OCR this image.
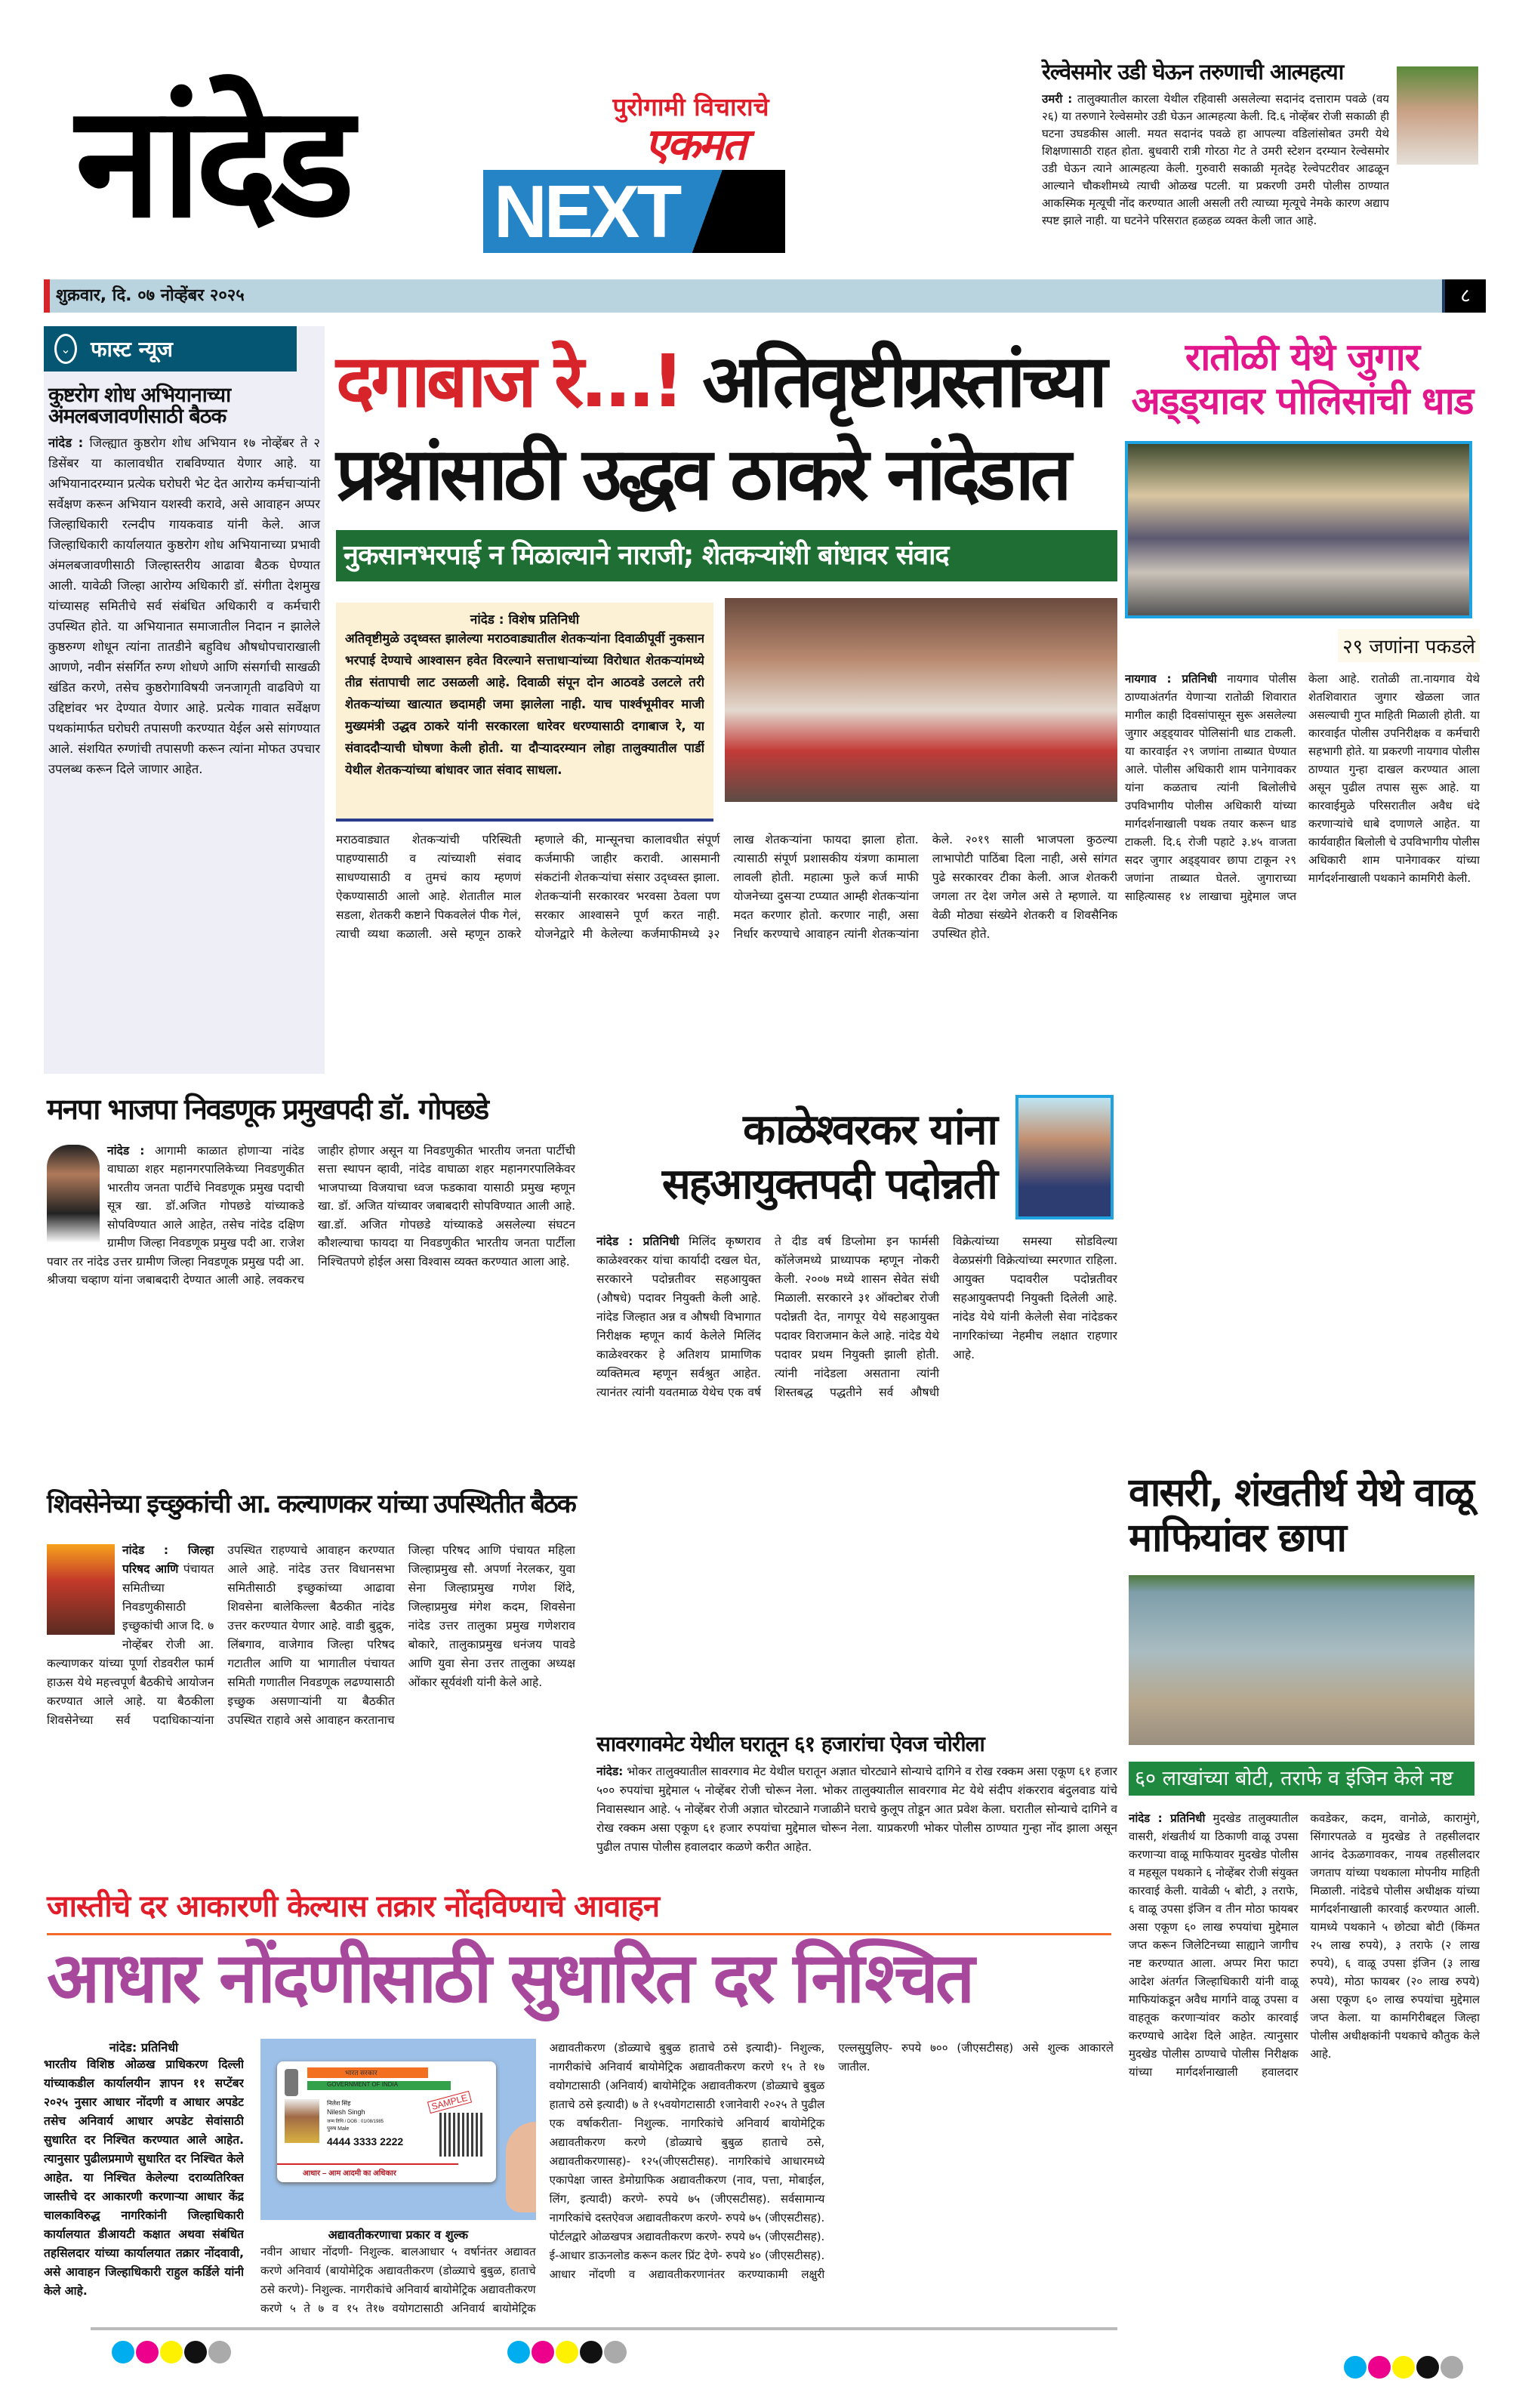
नांदेड	पुरोगामी विचाराचे
एकमत
NEXT
रेल्वेसमोर उडी घेऊन तरुणाची आत्महत्या
उमरी : तालुक्यातील कारला येथील रहिवासी असलेल्या सदानंद दत्ताराम पवळे (वय २६) या तरुणाने रेल्वेसमोर उडी घेऊन आत्महत्या केली. दि.६ नोव्हेंबर रोजी सकाळी ही घटना उघडकीस आली. मयत सदानंद पवळे हा आपल्या वडिलांसोबत उमरी येथे शिक्षणासाठी राहत होता. बुधवारी रात्री गोरठा गेट ते उमरी स्टेशन दरम्यान रेल्वेसमोर उडी घेऊन त्याने आत्महत्या केली. गुरुवारी सकाळी मृतदेह रेल्वेपटरीवर आढळून आल्याने चौकशीमध्ये त्याची ओळख पटली. या प्रकरणी उमरी पोलीस ठाण्यात आकस्मिक मृत्यूची नोंद करण्यात आली असली तरी त्याच्या मृत्यूचे नेमके कारण अद्याप स्पष्ट झाले नाही. या घटनेने परिसरात हळहळ व्यक्त केली जात आहे.
शुक्रवार, दि. ०७ नोव्हेंबर २०२५	८
⌄ फास्ट न्यूज
कुष्टरोग शोध अभियानाच्या अंमलबजावणीसाठी बैठक
नांदेड : जिल्ह्यात कुष्ठरोग शोध अभियान १७ नोव्हेंबर ते २ डिसेंबर या कालावधीत राबविण्यात येणार आहे. या अभियानादरम्यान प्रत्येक घरोघरी भेट देत आरोग्य कर्मचाऱ्यांनी सर्वेक्षण करून अभियान यशस्वी करावे, असे आवाहन अप्पर जिल्हाधिकारी रत्नदीप गायकवाड यांनी केले. आज जिल्हाधिकारी कार्यालयात कुष्ठरोग शोध अभियानाच्या प्रभावी अंमलबजावणीसाठी जिल्हास्तरीय आढावा बैठक घेण्यात आली. यावेळी जिल्हा आरोग्य अधिकारी डॉ. संगीता देशमुख यांच्यासह समितीचे सर्व संबंधित अधिकारी व कर्मचारी उपस्थित होते. या अभियानात समाजातील निदान न झालेले कुष्ठरुग्ण शोधून त्यांना तातडीने बहुविध औषधोपचाराखाली आणणे, नवीन संसर्गित रुग्ण शोधणे आणि संसर्गाची साखळी खंडित करणे, तसेच कुष्ठरोगाविषयी जनजागृती वाढविणे या उद्दिष्टांवर भर देण्यात येणार आहे. प्रत्येक गावात सर्वेक्षण पथकांमार्फत घरोघरी तपासणी करण्यात येईल असे सांगण्यात आले. संशयित रुग्णांची तपासणी करून त्यांना मोफत उपचार उपलब्ध करून दिले जाणार आहेत.
दगाबाज रे...! अतिवृष्टीग्रस्तांच्या
प्रश्नांसाठी उद्धव ठाकरे नांदेडात
नुकसानभरपाई न मिळाल्याने नाराजी; शेतकऱ्यांशी बांधावर संवाद
नांदेड : विशेष प्रतिनिधी
अतिवृष्टीमुळे उद्ध्वस्त झालेल्या मराठवाड्यातील शेतकऱ्यांना दिवाळीपूर्वी नुकसान भरपाई देण्याचे आश्वासन हवेत विरल्याने सत्ताधाऱ्यांच्या विरोधात शेतकऱ्यांमध्ये तीव्र संतापाची लाट उसळली आहे. दिवाळी संपून दोन आठवडे उलटले तरी शेतकऱ्यांच्या खात्यात छदामही जमा झालेला नाही. याच पार्श्वभूमीवर माजी मुख्यमंत्री उद्धव ठाकरे यांनी सरकारला धारेवर धरण्यासाठी दगाबाज रे, या संवाददौऱ्याची घोषणा केली होती. या दौऱ्यादरम्यान लोहा तालुक्यातील पार्डी येथील शेतकऱ्यांच्या बांधावर जात संवाद साधला.
मराठवाड्यात शेतकऱ्यांची परिस्थिती पाहण्यासाठी व त्यांच्याशी संवाद साधण्यासाठी व तुमचं काय म्हणणं ऐकण्यासाठी आलो आहे. शेतातील माल सडला, शेतकरी कष्टाने पिकवलेलं पीक गेलं, त्याची व्यथा कळाली. असे म्हणून ठाकरे म्हणाले की, मान्सूनचा कालावधीत संपूर्ण कर्जमाफी जाहीर करावी. आसमानी संकटांनी शेतकऱ्यांचा संसार उद्ध्वस्त झाला. शेतकऱ्यांनी सरकारवर भरवसा ठेवला पण सरकार आश्वासने पूर्ण करत नाही. योजनेद्वारे मी केलेल्या कर्जमाफीमध्ये ३२ लाख शेतकऱ्यांना फायदा झाला होता. त्यासाठी संपूर्ण प्रशासकीय यंत्रणा कामाला लावली होती. महात्मा फुले कर्ज माफी योजनेच्या दुसऱ्या टप्प्यात आम्ही शेतकऱ्यांना मदत करणार होतो. करणार नाही, असा निर्धार करण्याचे आवाहन त्यांनी शेतकऱ्यांना केले. २०१९ साली भाजपला कुठल्या लाभापोटी पाठिंबा दिला नाही, असे सांगत पुढे सरकारवर टीका केली. आज शेतकरी जगला तर देश जगेल असे ते म्हणाले. या वेळी मोठ्या संख्येने शेतकरी व शिवसैनिक उपस्थित होते.
रातोळी येथे जुगार अड्ड्यावर पोलिसांची धाड
२९ जणांना पकडले
नायगाव : प्रतिनिधी नायगाव पोलीस ठाण्याअंतर्गत येणाऱ्या रातोळी शिवारात मागील काही दिवसांपासून सुरू असलेल्या जुगार अड्ड्यावर पोलिसांनी धाड टाकली. या कारवाईत २९ जणांना ताब्यात घेण्यात आले. पोलीस अधिकारी शाम पानेगावकर यांना कळताच त्यांनी बिलोलीचे उपविभागीय पोलीस अधिकारी यांच्या मार्गदर्शनाखाली पथक तयार करून धाड टाकली. दि.६ रोजी पहाटे ३.४५ वाजता सदर जुगार अड्ड्यावर छापा टाकून २९ जणांना ताब्यात घेतले. जुगाराच्या साहित्यासह १४ लाखाचा मुद्देमाल जप्त केला आहे. रातोळी ता.नायगाव येथे शेतशिवारात जुगार खेळला जात असल्याची गुप्त माहिती मिळाली होती. या कारवाईत पोलीस उपनिरीक्षक व कर्मचारी सहभागी होते. या प्रकरणी नायगाव पोलीस ठाण्यात गुन्हा दाखल करण्यात आला असून पुढील तपास सुरू आहे. या कारवाईमुळे परिसरातील अवैध धंदे करणाऱ्यांचे धाबे दणाणले आहेत. या कार्यवाहीत बिलोली चे उपविभागीय पोलीस अधिकारी शाम पानेगावकर यांच्या मार्गदर्शनाखाली पथकाने कामगिरी केली.
मनपा भाजपा निवडणूक प्रमुखपदी डॉ. गोपछडे
नांदेड : आगामी काळात होणाऱ्या नांदेड वाघाळा शहर महानगरपालिकेच्या निवडणुकीत भारतीय जनता पार्टीचे निवडणूक प्रमुख पदाची सूत्र खा. डॉ.अजित गोपछडे यांच्याकडे सोपविण्यात आले आहेत, तसेच नांदेड दक्षिण ग्रामीण जिल्हा निवडणूक प्रमुख पदी आ. राजेश पवार तर नांदेड उत्तर ग्रामीण जिल्हा निवडणूक प्रमुख पदी आ. श्रीजया चव्हाण यांना जबाबदारी देण्यात आली आहे. लवकरच जाहीर होणार असून या निवडणुकीत भारतीय जनता पार्टीची सत्ता स्थापन व्हावी, नांदेड वाघाळा शहर महानगरपालिकेवर भाजपाच्या विजयाचा ध्वज फडकावा यासाठी प्रमुख म्हणून खा. डॉ. अजित यांच्यावर जबाबदारी सोपविण्यात आली आहे. खा.डॉ. अजित गोपछडे यांच्याकडे असलेल्या संघटन कौशल्याचा फायदा या निवडणुकीत भारतीय जनता पार्टीला निश्चितपणे होईल असा विश्वास व्यक्त करण्यात आला आहे.
शिवसेनेच्या इच्छुकांची आ. कल्याणकर यांच्या उपस्थितीत बैठक
नांदेड : जिल्हा परिषद आणि पंचायत समितीच्या निवडणुकीसाठी इच्छुकांची आज दि. ७ नोव्हेंबर रोजी आ. कल्याणकर यांच्या पूर्णा रोडवरील फार्म हाऊस येथे महत्त्वपूर्ण बैठकीचे आयोजन करण्यात आले आहे. या बैठकीला शिवसेनेच्या सर्व पदाधिकाऱ्यांना उपस्थित राहण्याचे आवाहन करण्यात आले आहे. नांदेड उत्तर विधानसभा समितीसाठी इच्छुकांच्या आढावा शिवसेना बालेकिल्ला बैठकीत नांदेड उत्तर करण्यात येणार आहे. वाडी बुद्रुक, लिंबगाव, वाजेगाव जिल्हा परिषद गटातील आणि या भागातील पंचायत समिती गणातील निवडणूक लढण्यासाठी इच्छुक असणाऱ्यांनी या बैठकीत उपस्थित राहावे असे आवाहन करतानाच जिल्हा परिषद आणि पंचायत महिला जिल्हाप्रमुख सौ. अपर्णा नेरलकर, युवा सेना जिल्हाप्रमुख गणेश शिंदे, जिल्हाप्रमुख मंगेश कदम, शिवसेना नांदेड उत्तर तालुका प्रमुख गणेशराव बोकारे, तालुकाप्रमुख धनंजय पावडे आणि युवा सेना उत्तर तालुका अध्यक्ष ओंकार सूर्यवंशी यांनी केले आहे.
काळेश्वरकर यांना
सहआयुक्तपदी पदोन्नती
नांदेड : प्रतिनिधी मिलिंद कृष्णराव काळेश्वरकर यांचा कार्यादी दखल घेत, सरकारने पदोन्नतीवर सहआयुक्त (औषधे) पदावर नियुक्ती केली आहे. नांदेड जिल्हात अन्न व औषधी विभागात निरीक्षक म्हणून कार्य केलेले मिलिंद काळेश्वरकर हे अतिशय प्रामाणिक व्यक्तिमत्व म्हणून सर्वश्रुत आहेत. त्यानंतर त्यांनी यवतमाळ येथेच एक वर्ष ते दीड वर्ष डिप्लोमा इन फार्मसी कॉलेजमध्ये प्राध्यापक म्हणून नोकरी केली. २००७ मध्ये शासन सेवेत संधी मिळाली. सरकारने ३१ ऑक्टोबर रोजी पदोन्नती देत, नागपूर येथे सहआयुक्त पदावर विराजमान केले आहे. नांदेड येथे पदावर प्रथम नियुक्ती झाली होती. त्यांनी नांदेडला असताना त्यांनी शिस्तबद्ध पद्धतीने सर्व औषधी विक्रेत्यांच्या समस्या सोडविल्या वेळप्रसंगी विक्रेत्यांच्या स्मरणात राहिला. आयुक्त पदावरील पदोन्नतीवर सहआयुक्तपदी नियुक्ती दिलेली आहे. नांदेड येथे यांनी केलेली सेवा नांदेडकर नागरिकांच्या नेहमीच लक्षात राहणार आहे.
सावरगावमेट येथील घरातून ६१ हजारांचा ऐवज चोरीला
नांदेड: भोकर तालुक्यातील सावरगाव मेट येथील घरातून अज्ञात चोरट्याने सोन्याचे दागिने व रोख रक्कम असा एकूण ६१ हजार ५०० रुपयांचा मुद्देमाल ५ नोव्हेंबर रोजी चोरून नेला. भोकर तालुक्यातील सावरगाव मेट येथे संदीप शंकरराव बंदुलवाड यांचे निवासस्थान आहे. ५ नोव्हेंबर रोजी अज्ञात चोरट्याने गजाळीने घराचे कुलूप तोडून आत प्रवेश केला. घरातील सोन्याचे दागिने व रोख रक्कम असा एकूण ६१ हजार रुपयांचा मुद्देमाल चोरून नेला. याप्रकरणी भोकर पोलीस ठाण्यात गुन्हा नोंद झाला असून पुढील तपास पोलीस हवालदार कळणे करीत आहेत.
वासरी, शंखतीर्थ येथे वाळू माफियांवर छापा
६० लाखांच्या बोटी, तराफे व इंजिन केले नष्ट
नांदेड : प्रतिनिधी मुदखेड तालुक्यातील वासरी, शंखतीर्थ या ठिकाणी वाळू उपसा करणाऱ्या वाळू माफियावर मुदखेड पोलीस व महसूल पथकाने ६ नोव्हेंबर रोजी संयुक्त कारवाई केली. यावेळी ५ बोटी, ३ तराफे, ६ वाळू उपसा इंजिन व तीन मोठा फायबर असा एकूण ६० लाख रुपयांचा मुद्देमाल जप्त करून जिलेटिनच्या साह्याने जागीच नष्ट करण्यात आला. अप्पर मिरा फाटा आदेश अंतर्गत जिल्हाधिकारी यांनी वाळू माफियांकडून अवैध मार्गाने वाळू उपसा व वाहतूक करणाऱ्यांवर कठोर कारवाई करण्याचे आदेश दिले आहेत. त्यानुसार मुदखेड पोलीस ठाण्याचे पोलीस निरीक्षक यांच्या मार्गदर्शनाखाली हवालदार कवडेकर, कदम, वानोळे, कारामुंगे, सिंगारपतळे व मुदखेड ते तहसीलदार आनंद देऊळगावकर, नायब तहसीलदार जगताप यांच्या पथकाला मोपनीय माहिती मिळाली. नांदेडचे पोलीस अधीक्षक यांच्या मार्गदर्शनाखाली कारवाई करण्यात आली. यामध्ये पथकाने ५ छोट्या बोटी (किंमत २५ लाख रुपये), ३ तराफे (२ लाख रुपये), ६ वाळू उपसा इंजिन (३ लाख रुपये), मोठा फायबर (२० लाख रुपये) असा एकूण ६० लाख रुपयांचा मुद्देमाल जप्त केला. या कामगिरीबद्दल जिल्हा पोलीस अधीक्षकांनी पथकाचे कौतुक केले आहे.
जास्तीचे दर आकारणी केल्यास तक्रार नोंदविण्याचे आवाहन
आधार नोंदणीसाठी सुधारित दर निश्चित
नांदेड: प्रतिनिधी
भारतीय विशिष्ठ ओळख प्राधिकरण दिल्ली यांच्याकडील कार्यालयीन ज्ञापन ११ सप्टेंबर २०२५ नुसार आधार नोंदणी व आधार अपडेट तसेच अनिवार्य आधार अपडेट सेवांसाठी सुधारित दर निश्चित करण्यात आले आहेत. त्यानुसार पुढीलप्रमाणे सुधारित दर निश्चित केले आहेत. या निश्चित केलेल्या दराव्यतिरिक्त जास्तीचे दर आकारणी करणाऱ्या आधार केंद्र चालकाविरुद्ध नागरिकांनी जिल्हाधिकारी कार्यालयात डीआयटी कक्षात अथवा संबंधित तहसिलदार यांच्या कार्यालयात तक्रार नोंदवावी, असे आवाहन जिल्हाधिकारी राहुल कर्डिले यांनी केले आहे.
भारत सरकार
GOVERNMENT OF INDIA
निलेश सिंह
Nilesh Singh
जन्म तिथि / DOB : 01/08/1985
पुरुष Male
4444 3333 2222
SAMPLE
आधार – आम आदमी का अधिकार
अद्यावतीकरणाचा प्रकार व शुल्क
नवीन आधार नोंदणी- निशुल्क. बालआधार ५ वर्षानंतर अद्यावत करणे अनिवार्य (बायोमेट्रिक अद्यावतीकरण (डोळ्याचे बुबुळ, हाताचे ठसे करणे)- निशुल्क. नागरीकांचे अनिवार्य बायोमेट्रिक अद्यावतीकरण करणे ५ ते ७ व १५ ते१७ वयोगटासाठी अनिवार्य बायोमेट्रिक अद्यावतीकरण (डोळ्याचे बुबुळ हाताचे ठसे इत्यादी)- निशुल्क, नागरीकांचे अनिवार्य बायोमेट्रिक अद्यावतीकरण करणे १५ ते १७ वयोगटासाठी (अनिवार्य) बायोमेट्रिक अद्यावतीकरण (डोळ्याचे बुबुळ हाताचे ठसे इत्यादी) ७ ते १५वयोगटासाठी १जानेवारी २०२५ ते पुढील एक वर्षाकरीता- निशुल्क. नागरिकांचे अनिवार्य बायोमेट्रिक अद्यावतीकरण करणे (डोळ्याचे बुबुळ हाताचे ठसे, अद्यावतीकरणासह)- १२५(जीएसटीसह). नागरिकांचे आधारमध्ये एकापेक्षा जास्त डेमोग्राफिक अद्यावतीकरण (नाव, पत्ता, मोबाईल, लिंग, इत्यादी) करणे- रुपये ७५ (जीएसटीसह). सर्वसामान्य नागरिकांचे दस्तऐवज अद्यावतीकरण करणे- रुपये ७५ (जीएसटीसह). पोर्टलद्वारे ओळखपत्र अद्यावतीकरण करणे- रुपये ७५ (जीएसटीसह). ई-आधार डाऊनलोड करून कलर प्रिंट देणे- रुपये ४० (जीएसटीसह). आधार नोंदणी व अद्यावतीकरणानंतर करण्याकामी लक्षुरी एल्लसु्युलिए- रुपये ७०० (जीएसटीसह) असे शुल्क आकारले जातील.
